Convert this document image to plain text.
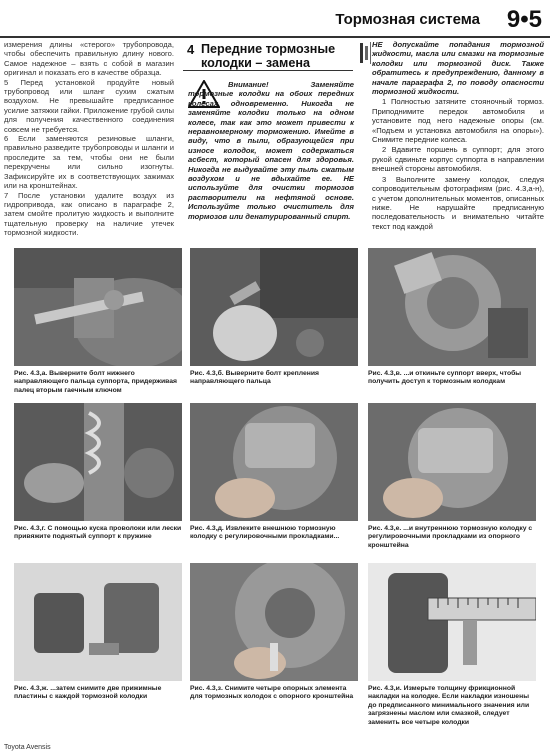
Тормозная система 9•5

измерения длины «стерого» трубопровода, чтобы обеспечить правильную длину нового. Самое надежное – взять с собой в магазин оригинал и показать его в качестве образца.

5 Перед установкой продуйте новый трубопровод или шланг сухим сжатым воздухом. Не превышайте предписанное усилие затяжки гайки. Приложение грубой силы для получения качественного соединения совсем не требуется.

6 Если заменяются резиновые шланги, правильно разведите трубопроводы и шланги и проследите за тем, чтобы они не были перекручены или сильно изогнуты. Зафиксируйте их в соответствующих зажимах или на кронштейнах.

7 После установки удалите воздух из гидропривода, как описано в параграфе 2, затем смойте пролитую жидкость и выполните тщательную проверку на наличие утечек тормозной жидкости.

4 Передние тормозные колодки – замена
Внимание! Заменяйте тормозные колодки на обоих передних колесах одновременно. Никогда не заменяйте колодки только на одном колесе, так как это может привести к неравномерному торможению. Имейте в виду, что в пыли, образующейся при износе колодок, может содержаться асбест, который опасен для здоровья. Никогда не выдувайте эту пыль сжатым воздухом и не вдыхайте ее. НЕ используйте для очистки тормозов растворители на нефтяной основе. Используйте только очиститель для тормозов или денатурированный спирт.

НЕ допускайте попадания тормозной жидкости, масла или смазки на тормозные колодки или тормозной диск. Также обратитесь к предупреждению, данному в начале параграфа 2, по поводу опасности тормозной жидкости.

1 Полностью затяните стояночный тормоз. Приподнимите передок автомобиля и установите под него надежные опоры (см. «Подъем и установка автомобиля на опоры»). Снимите передние колеса.

2 Вдавите поршень в суппорт; для этого рукой сдвиньте корпус суппорта в направлении внешней стороны автомобиля.

3 Выполните замену колодок, следуя сопроводительным фотографиям (рис. 4.3,а-н), с учетом дополнительных моментов, описанных ниже. Не нарушайте предписанную последовательность и внимательно читайте текст под каждой

Рис. 4.3,а. Выверните болт нижнего направляющего пальца суппорта, придерживая палец вторым гаечным ключом
Рис. 4.3,б. Выверните болт крепления направляющего пальца
Рис. 4.3,в. ...и откиньте суппорт вверх, чтобы получить доступ к тормозным колодкам
Рис. 4.3,г. С помощью куска проволоки или лески привяжите поднятый суппорт к пружине
Рис. 4.3,д. Извлеките внешнюю тормозную колодку с регулировочными прокладками...
Рис. 4.3,е. ...и внутреннюю тормозную колодку с регулировочными прокладками из опорного кронштейна
Рис. 4.3,ж. ...затем снимите две прижимные пластины с каждой тормозной колодки
Рис. 4.3,з. Снимите четыре опорных элемента для тормозных колодок с опорного кронштейна
Рис. 4.3,и. Измерьте толщину фрикционной накладки на колодке. Если накладки изношены до предписанного минимального значения или загрязнены маслом или смазкой, следует заменить все четыре колодки
Toyota Avensis
